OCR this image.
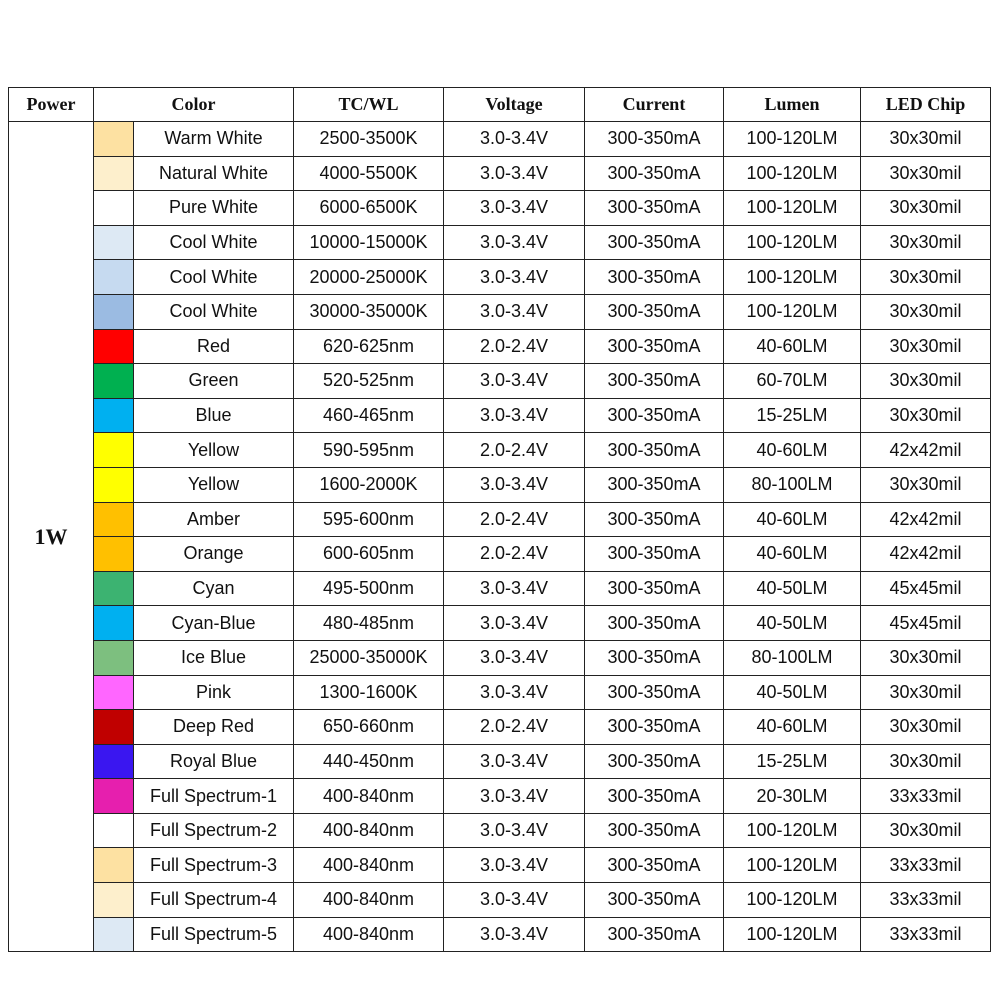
Power	Color		TC/WL	Voltage	Current	Lumen	LED Chip
1W		Warm White	2500-3500K	3.0-3.4V	300-350mA	100-120LM	30x30mil

		Natural White	4000-5500K	3.0-3.4V	300-350mA	100-120LM	30x30mil

		Pure White	6000-6500K	3.0-3.4V	300-350mA	100-120LM	30x30mil

		Cool White	10000-15000K	3.0-3.4V	300-350mA	100-120LM	30x30mil

		Cool White	20000-25000K	3.0-3.4V	300-350mA	100-120LM	30x30mil

		Cool White	30000-35000K	3.0-3.4V	300-350mA	100-120LM	30x30mil

		Red	620-625nm	2.0-2.4V	300-350mA	40-60LM	30x30mil

		Green	520-525nm	3.0-3.4V	300-350mA	60-70LM	30x30mil

		Blue	460-465nm	3.0-3.4V	300-350mA	15-25LM	30x30mil

		Yellow	590-595nm	2.0-2.4V	300-350mA	40-60LM	42x42mil

		Yellow	1600-2000K	3.0-3.4V	300-350mA	80-100LM	30x30mil

		Amber	595-600nm	2.0-2.4V	300-350mA	40-60LM	42x42mil

		Orange	600-605nm	2.0-2.4V	300-350mA	40-60LM	42x42mil

		Cyan	495-500nm	3.0-3.4V	300-350mA	40-50LM	45x45mil

		Cyan-Blue	480-485nm	3.0-3.4V	300-350mA	40-50LM	45x45mil

		Ice Blue	25000-35000K	3.0-3.4V	300-350mA	80-100LM	30x30mil

		Pink	1300-1600K	3.0-3.4V	300-350mA	40-50LM	30x30mil

		Deep Red	650-660nm	2.0-2.4V	300-350mA	40-60LM	30x30mil

		Royal Blue	440-450nm	3.0-3.4V	300-350mA	15-25LM	30x30mil

		Full Spectrum-1	400-840nm	3.0-3.4V	300-350mA	20-30LM	33x33mil

		Full Spectrum-2	400-840nm	3.0-3.4V	300-350mA	100-120LM	30x30mil

		Full Spectrum-3	400-840nm	3.0-3.4V	300-350mA	100-120LM	33x33mil

		Full Spectrum-4	400-840nm	3.0-3.4V	300-350mA	100-120LM	33x33mil

		Full Spectrum-5	400-840nm	3.0-3.4V	300-350mA	100-120LM	33x33mil
